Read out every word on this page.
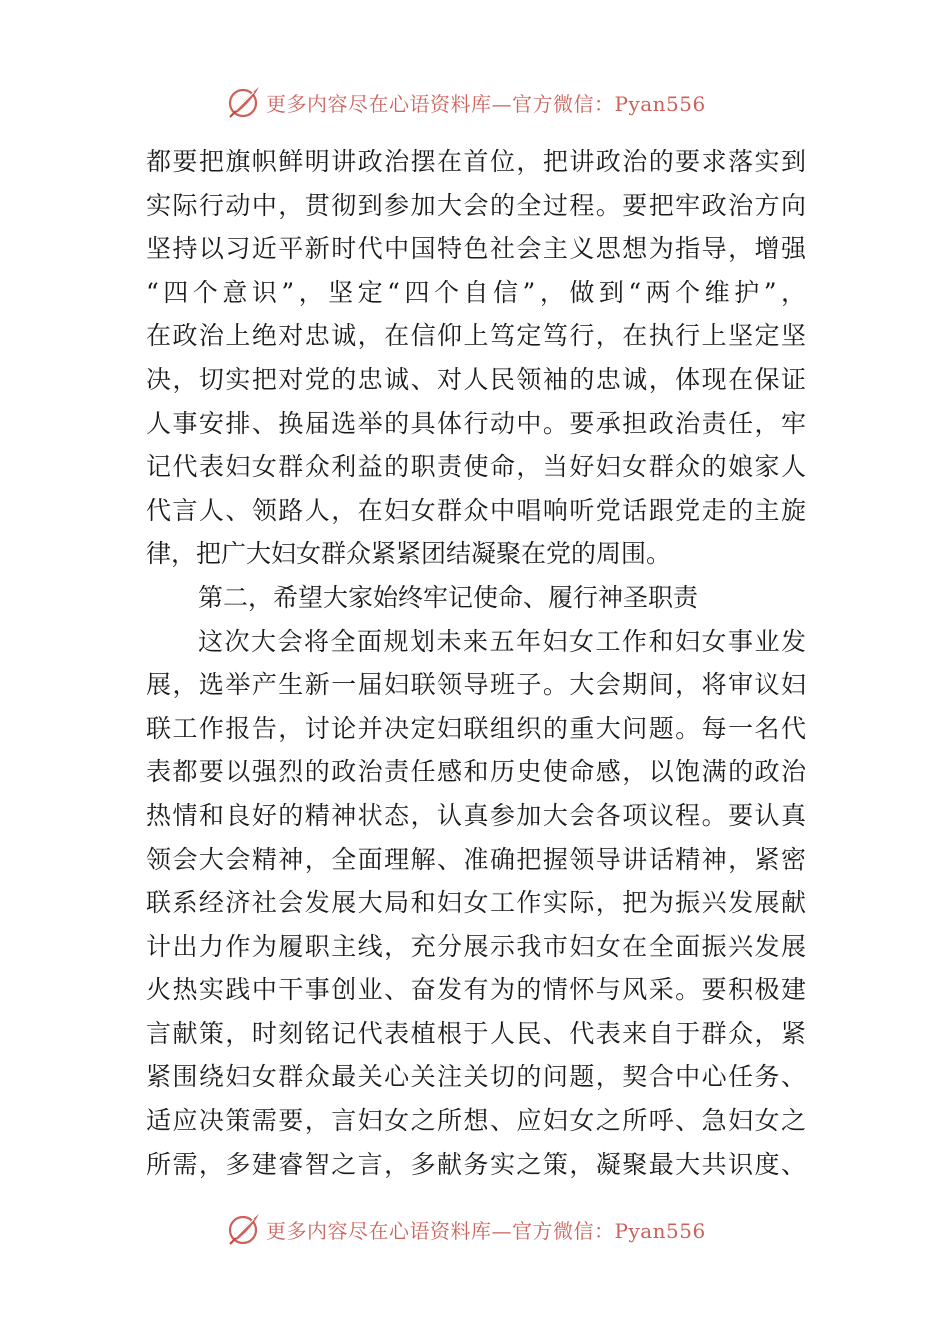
更多内容尽在心语资料库—官方微信：Pyan556
都要把旗帜鲜明讲政治摆在首位，把讲政治的要求落实到
实际行动中，贯彻到参加大会的全过程。要把牢政治方向
坚持以习近平新时代中国特色社会主义思想为指导，增强
“四个意识”，坚定“四个自信”，做到“两个维护”，
在政治上绝对忠诚，在信仰上笃定笃行，在执行上坚定坚
决，切实把对党的忠诚、对人民领袖的忠诚，体现在保证
人事安排、换届选举的具体行动中。要承担政治责任，牢
记代表妇女群众利益的职责使命，当好妇女群众的娘家人
代言人、领路人，在妇女群众中唱响听党话跟党走的主旋
律，把广大妇女群众紧紧团结凝聚在党的周围。
第二，希望大家始终牢记使命、履行神圣职责
这次大会将全面规划未来五年妇女工作和妇女事业发
展，选举产生新一届妇联领导班子。大会期间，将审议妇
联工作报告，讨论并决定妇联组织的重大问题。每一名代
表都要以强烈的政治责任感和历史使命感，以饱满的政治
热情和良好的精神状态，认真参加大会各项议程。要认真
领会大会精神，全面理解、准确把握领导讲话精神，紧密
联系经济社会发展大局和妇女工作实际，把为振兴发展献
计出力作为履职主线，充分展示我市妇女在全面振兴发展
火热实践中干事创业、奋发有为的情怀与风采。要积极建
言献策，时刻铭记代表植根于人民、代表来自于群众，紧
紧围绕妇女群众最关心关注关切的问题，契合中心任务、
适应决策需要，言妇女之所想、应妇女之所呼、急妇女之
所需，多建睿智之言，多献务实之策，凝聚最大共识度、
更多内容尽在心语资料库—官方微信：Pyan556
